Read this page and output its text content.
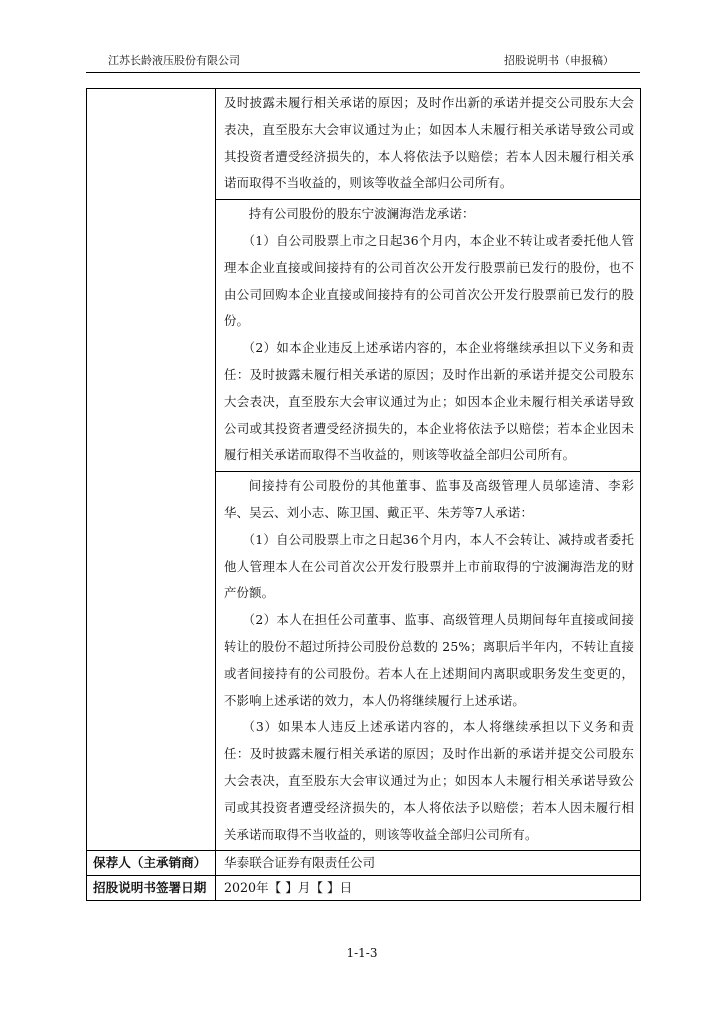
江苏长龄液压股份有限公司	招股说明书（申报稿）

	及时披露未履行相关承诺的原因；及时作出新的承诺并提交公司股东大会表决，直至股东大会审议通过为止；如因本人未履行相关承诺导致公司或其投资者遭受经济损失的，本人将依法予以赔偿；若本人因未履行相关承诺而取得不当收益的，则该等收益全部归公司所有。

	持有公司股份的股东宁波澜海浩龙承诺：

（1）自公司股票上市之日起36个月内，本企业不转让或者委托他人管理本企业直接或间接持有的公司首次公开发行股票前已发行的股份，也不由公司回购本企业直接或间接持有的公司首次公开发行股票前已发行的股份。

（2）如本企业违反上述承诺内容的，本企业将继续承担以下义务和责任：及时披露未履行相关承诺的原因；及时作出新的承诺并提交公司股东大会表决，直至股东大会审议通过为止；如因本企业未履行相关承诺导致公司或其投资者遭受经济损失的，本企业将依法予以赔偿；若本企业因未履行相关承诺而取得不当收益的，则该等收益全部归公司所有。

	间接持有公司股份的其他董事、监事及高级管理人员邬逵清、李彩华、吴云、刘小志、陈卫国、戴正平、朱芳等7人承诺：

（1）自公司股票上市之日起36个月内，本人不会转让、减持或者委托他人管理本人在公司首次公开发行股票并上市前取得的宁波澜海浩龙的财产份额。

（2）本人在担任公司董事、监事、高级管理人员期间每年直接或间接转让的股份不超过所持公司股份总数的 25%；离职后半年内，不转让直接或者间接持有的公司股份。若本人在上述期间内离职或职务发生变更的，不影响上述承诺的效力，本人仍将继续履行上述承诺。

（3）如果本人违反上述承诺内容的，本人将继续承担以下义务和责任：及时披露未履行相关承诺的原因；及时作出新的承诺并提交公司股东大会表决，直至股东大会审议通过为止；如因本人未履行相关承诺导致公司或其投资者遭受经济损失的，本人将依法予以赔偿；若本人因未履行相关承诺而取得不当收益的，则该等收益全部归公司所有。

保荐人（主承销商）	华泰联合证券有限责任公司

招股说明书签署日期	2020年【 】月【 】日
1-1-3
